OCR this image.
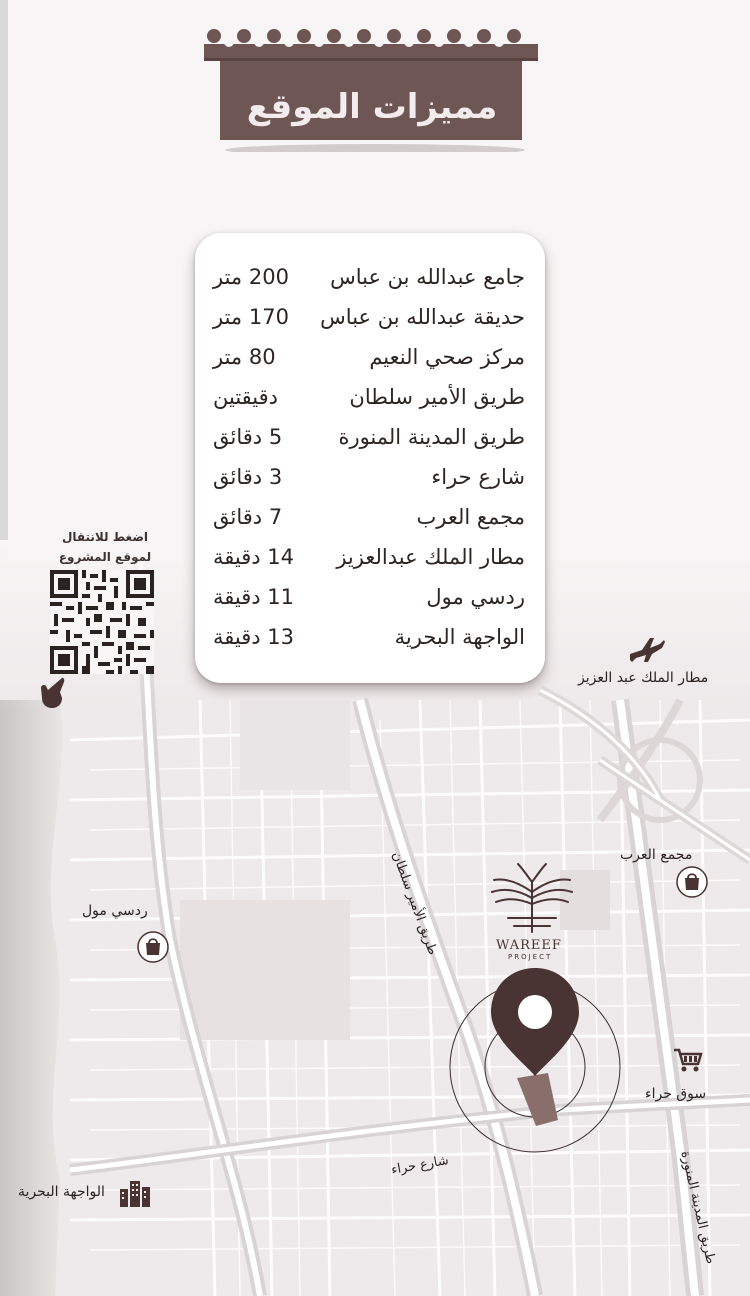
WAREEF
PROJECT
مميزات الموقع
جامع عبدالله بن عباس
200 متر
حديقة عبدالله بن عباس
170 متر
مركز صحي النعيم
80 متر
طريق الأمير سلطان
دقيقتين
طريق المدينة المنورة
5 دقائق
شارع حراء
3 دقائق
مجمع العرب
7 دقائق
مطار الملك عبدالعزيز
14 دقيقة
ردسي مول
11 دقيقة
الواجهة البحرية
13 دقيقة
اضغط للانتقال
لموقع المشروع
مطار الملك عبد العزيز
مجمع العرب
ردسي مول
سوق حراء
الواجهة البحرية
طريق الأمير سلطان
طريق المدينة المنورة
شارع حراء
